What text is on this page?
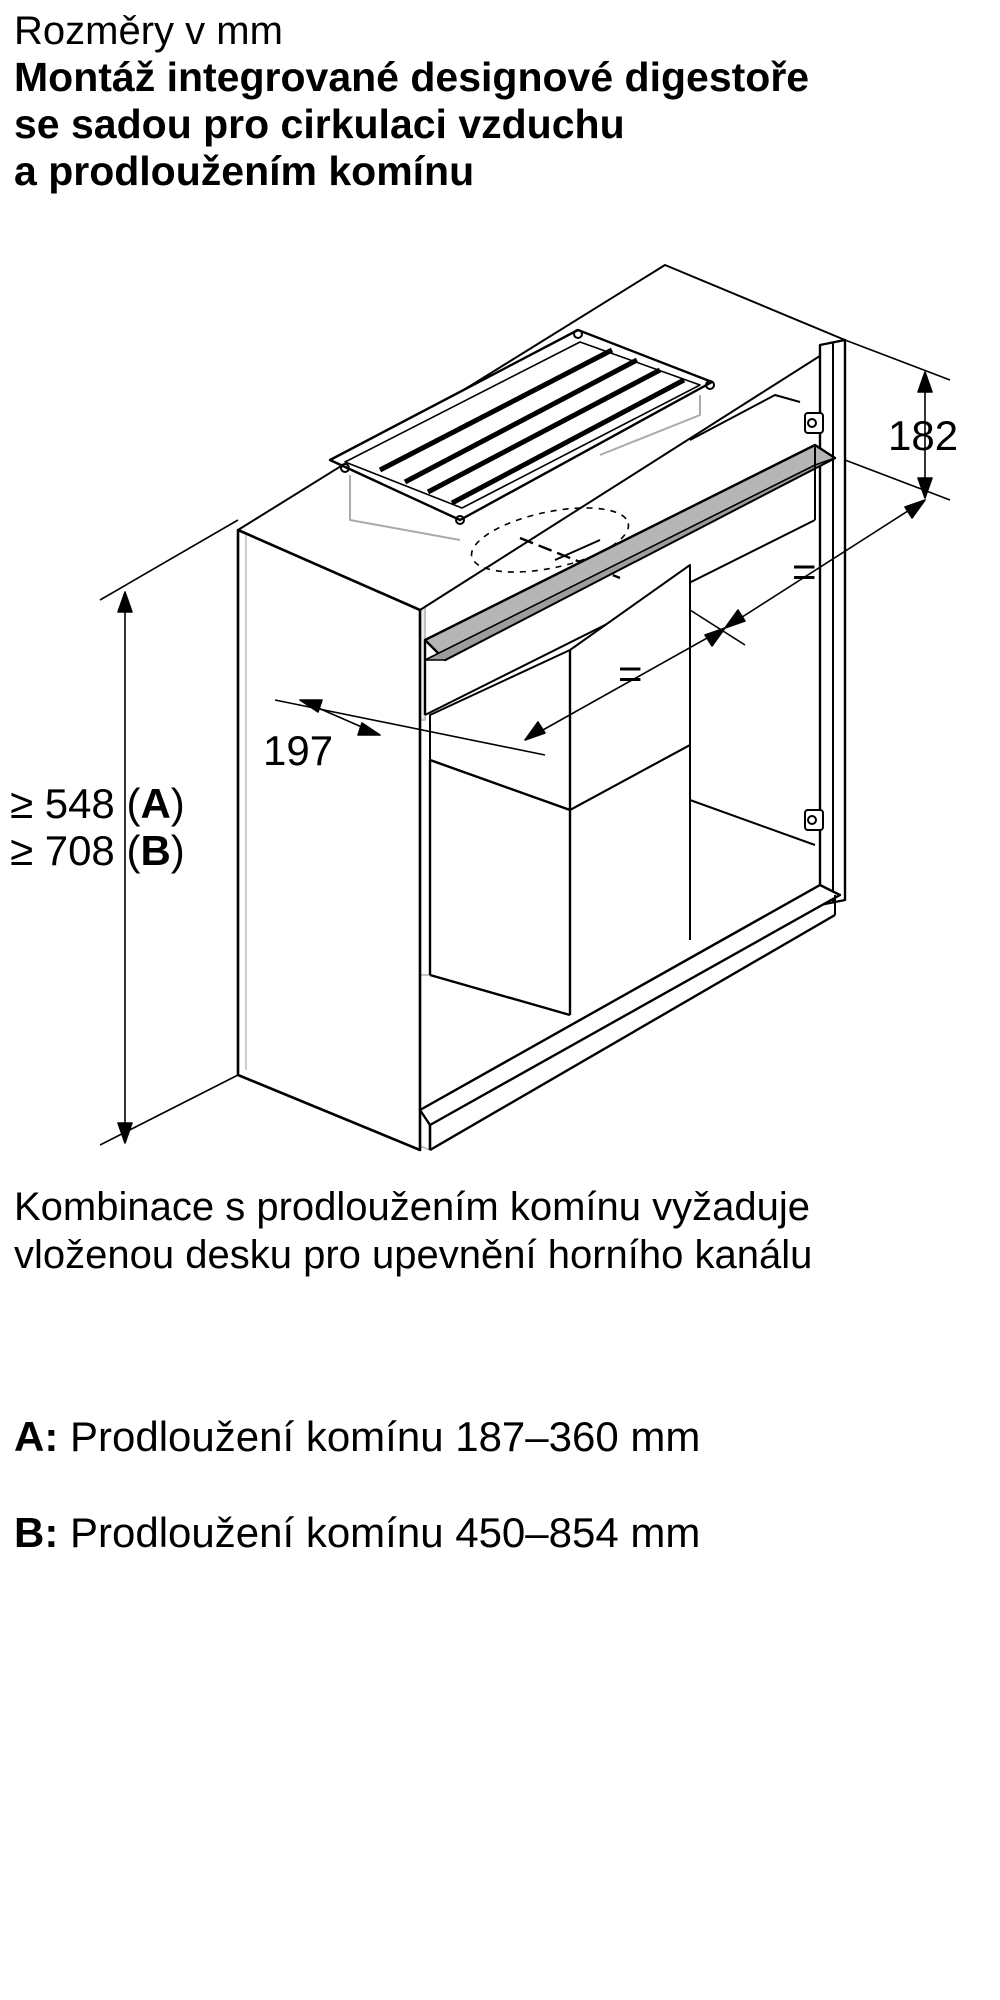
Rozměry v mm
Montáž integrované designové digestoře
se sadou pro cirkulaci vzduchu
a prodloužením komínu
182
=
=
197
≥ 548 (A)
≥ 708 (B)
Kombinace s prodloužením komínu vyžaduje
vloženou desku pro upevnění horního kanálu
A: Prodloužení komínu 187–360 mm
B: Prodloužení komínu 450–854 mm
